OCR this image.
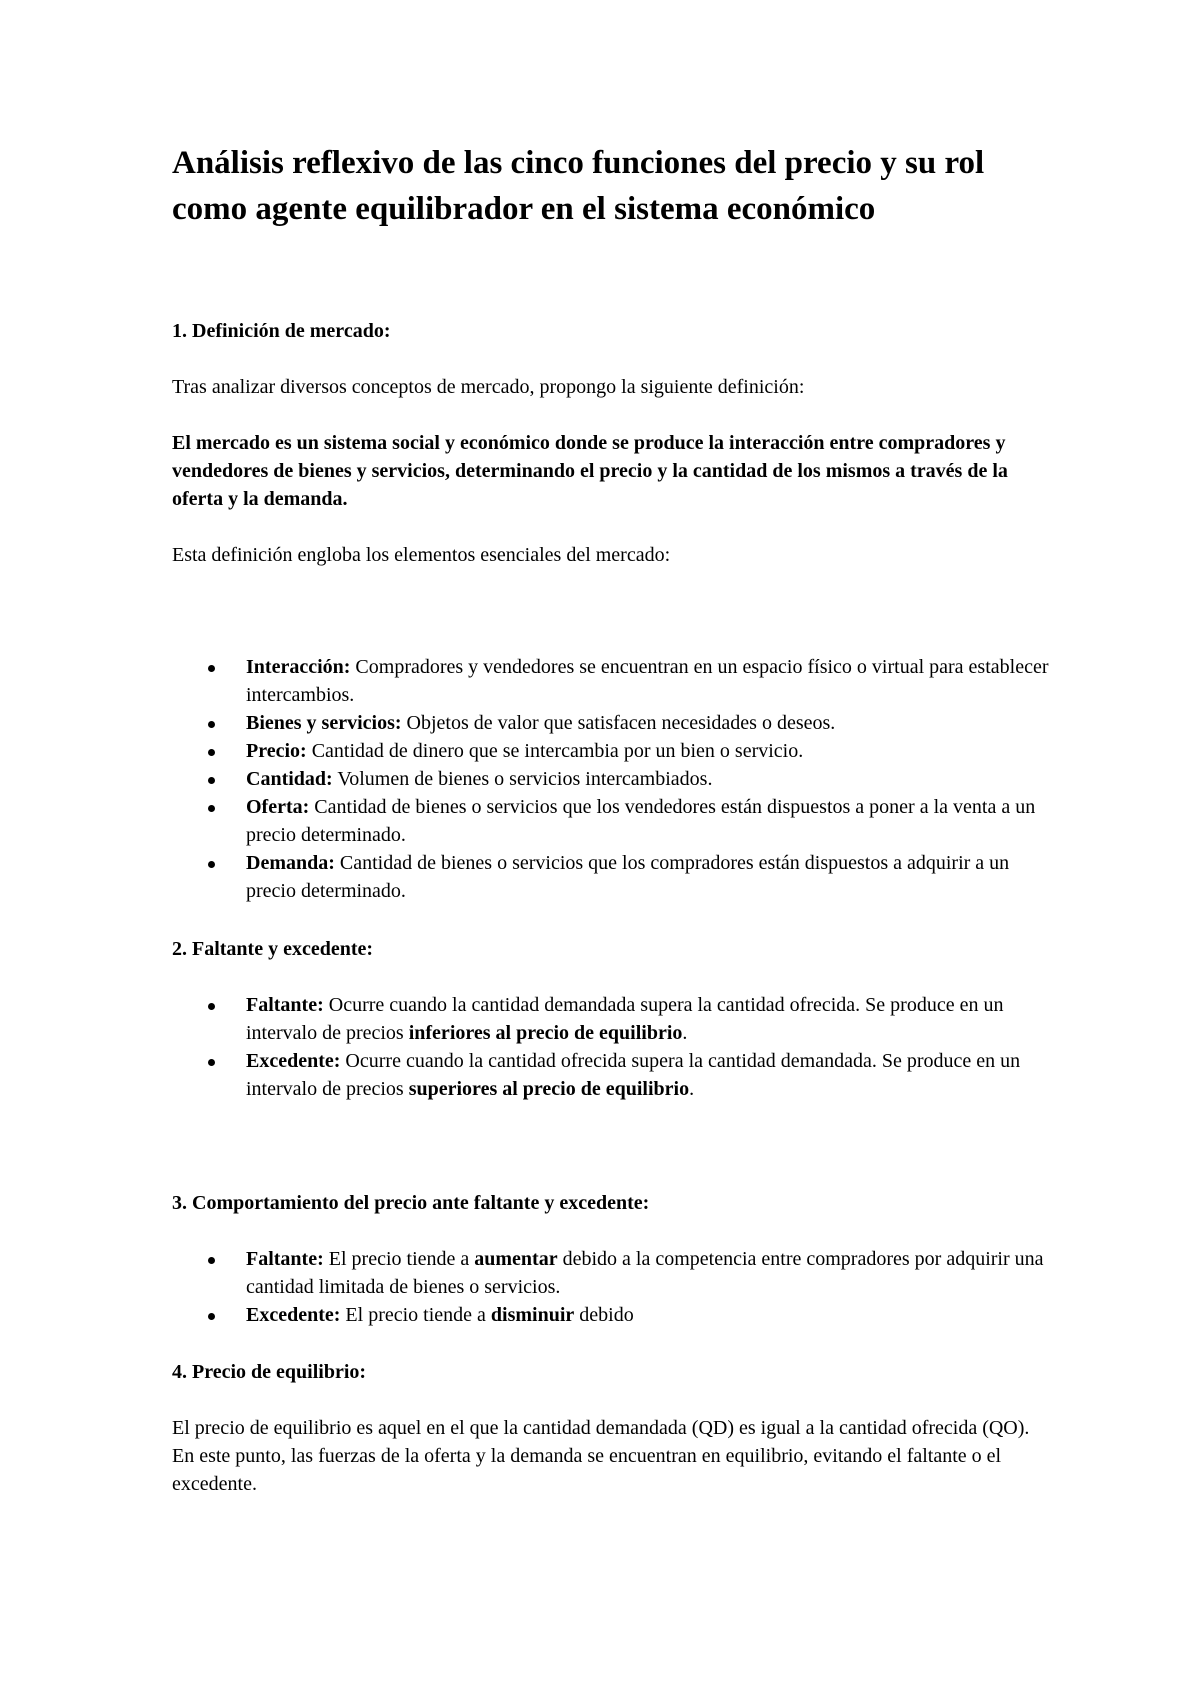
Análisis reflexivo de las cinco funciones del precio y su rol como agente equilibrador en el sistema económico
1. Definición de mercado:

Tras analizar diversos conceptos de mercado, propongo la siguiente definición:

El mercado es un sistema social y económico donde se produce la interacción entre compradores y vendedores de bienes y servicios, determinando el precio y la cantidad de los mismos a través de la oferta y la demanda.

Esta definición engloba los elementos esenciales del mercado:

Interacción: Compradores y vendedores se encuentran en un espacio físico o virtual para establecer intercambios.
Bienes y servicios: Objetos de valor que satisfacen necesidades o deseos.
Precio: Cantidad de dinero que se intercambia por un bien o servicio.
Cantidad: Volumen de bienes o servicios intercambiados.
Oferta: Cantidad de bienes o servicios que los vendedores están dispuestos a poner a la venta a un precio determinado.
Demanda: Cantidad de bienes o servicios que los compradores están dispuestos a adquirir a un precio determinado.
2. Faltante y excedente:
Faltante: Ocurre cuando la cantidad demandada supera la cantidad ofrecida. Se produce en un intervalo de precios inferiores al precio de equilibrio.
Excedente: Ocurre cuando la cantidad ofrecida supera la cantidad demandada. Se produce en un intervalo de precios superiores al precio de equilibrio.
3. Comportamiento del precio ante faltante y excedente:
Faltante: El precio tiende a aumentar debido a la competencia entre compradores por adquirir una cantidad limitada de bienes o servicios.
Excedente: El precio tiende a disminuir debido
4. Precio de equilibrio:

El precio de equilibrio es aquel en el que la cantidad demandada (QD) es igual a la cantidad ofrecida (QO). En este punto, las fuerzas de la oferta y la demanda se encuentran en equilibrio, evitando el faltante o el excedente.
